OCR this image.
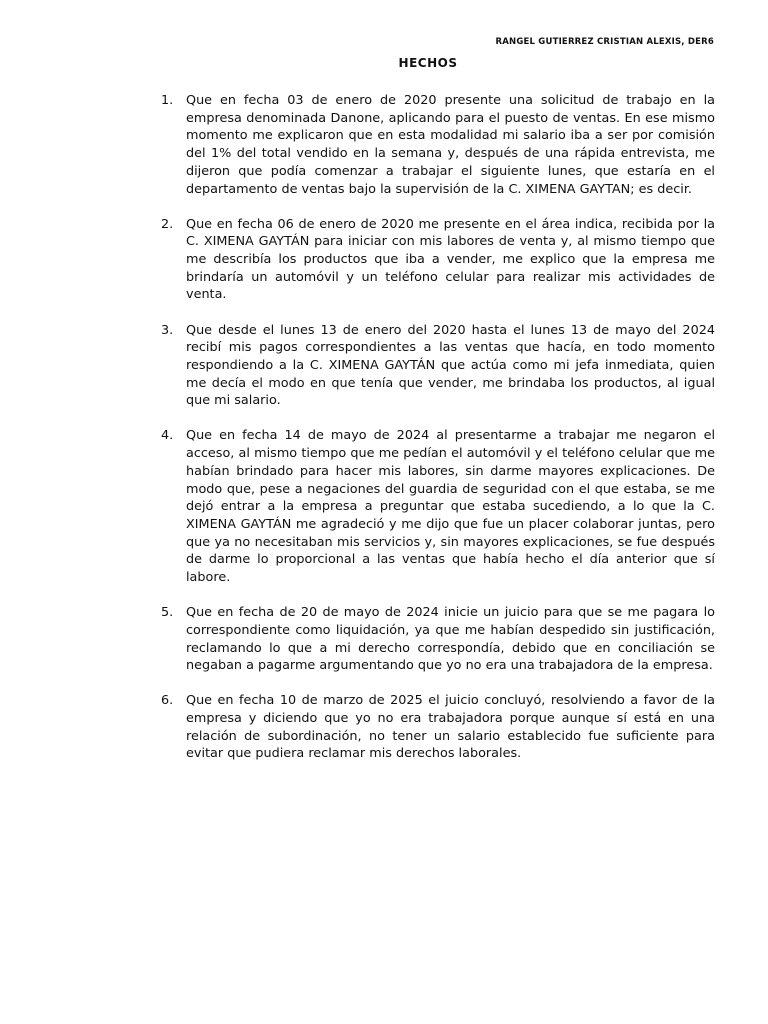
RANGEL GUTIERREZ CRISTIAN ALEXIS, DER6
HECHOS
1. Que en fecha 03 de enero de 2020 presente una solicitud de trabajo en la empresa denominada Danone, aplicando para el puesto de ventas. En ese mismo momento me explicaron que en esta modalidad mi salario iba a ser por comisión del 1% del total vendido en la semana y, después de una rápida entrevista, me dijeron que podía comenzar a trabajar el siguiente lunes, que estaría en el departamento de ventas bajo la supervisión de la C. XIMENA GAYTAN; es decir.
2. Que en fecha 06 de enero de 2020 me presente en el área indica, recibida por la C. XIMENA GAYTÁN para iniciar con mis labores de venta y, al mismo tiempo que me describía los productos que iba a vender, me explico que la empresa me brindaría un automóvil y un teléfono celular para realizar mis actividades de venta.
3. Que desde el lunes 13 de enero del 2020 hasta el lunes 13 de mayo del 2024 recibí mis pagos correspondientes a las ventas que hacía, en todo momento respondiendo a la C. XIMENA GAYTÁN que actúa como mi jefa inmediata, quien me decía el modo en que tenía que vender, me brindaba los productos, al igual que mi salario.
4. Que en fecha 14 de mayo de 2024 al presentarme a trabajar me negaron el acceso, al mismo tiempo que me pedían el automóvil y el teléfono celular que me habían brindado para hacer mis labores, sin darme mayores explicaciones. De modo que, pese a negaciones del guardia de seguridad con el que estaba, se me dejó entrar a la empresa a preguntar que estaba sucediendo, a lo que la C. XIMENA GAYTÁN me agradeció y me dijo que fue un placer colaborar juntas, pero que ya no necesitaban mis servicios y, sin mayores explicaciones, se fue después de darme lo proporcional a las ventas que había hecho el día anterior que sí labore.
5. Que en fecha de 20 de mayo de 2024 inicie un juicio para que se me pagara lo correspondiente como liquidación, ya que me habían despedido sin justificación, reclamando lo que a mi derecho correspondía, debido que en conciliación se negaban a pagarme argumentando que yo no era una trabajadora de la empresa.
6. Que en fecha 10 de marzo de 2025 el juicio concluyó, resolviendo a favor de la empresa y diciendo que yo no era trabajadora porque aunque sí está en una relación de subordinación, no tener un salario establecido fue suficiente para evitar que pudiera reclamar mis derechos laborales.
